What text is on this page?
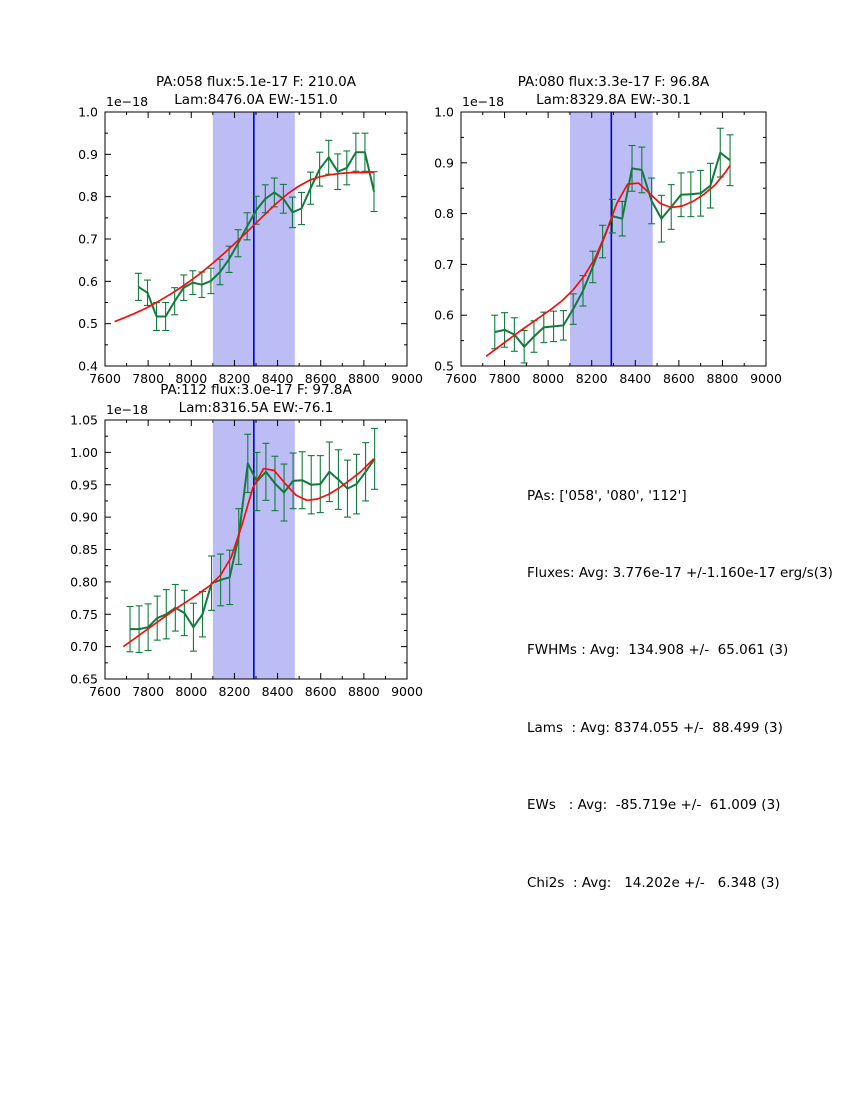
7600 7800 8000 8200 8400 8600 8800 9000
0.4
0.5
0.6
0.7
0.8
0.9
1.0
1e−18
PA:058 flux:5.1e-17 F: 210.0A
Lam:8476.0A EW:-151.0
7600 7800 8000 8200 8400 8600 8800 9000
0.5
0.6
0.7
0.8
0.9
1.0
1e−18
PA:080 flux:3.3e-17 F: 96.8A
Lam:8329.8A EW:-30.1
7600 7800 8000 8200 8400 8600 8800 9000
0.65
0.70
0.75
0.80
0.85
0.90
0.95
1.00
1.05
1e−18
PA:112 flux:3.0e-17 F: 97.8A
Lam:8316.5A EW:-76.1

PAs: ['058', '080', '112']

Fluxes: Avg: 3.776e-17 +/-1.160e-17 erg/s(3)

FWHMs : Avg:  134.908 +/-  65.061 (3)

Lams  : Avg: 8374.055 +/-  88.499 (3)

EWs   : Avg:  -85.719e +/-  61.009 (3)

Chi2s  : Avg:   14.202e +/-   6.348 (3)
